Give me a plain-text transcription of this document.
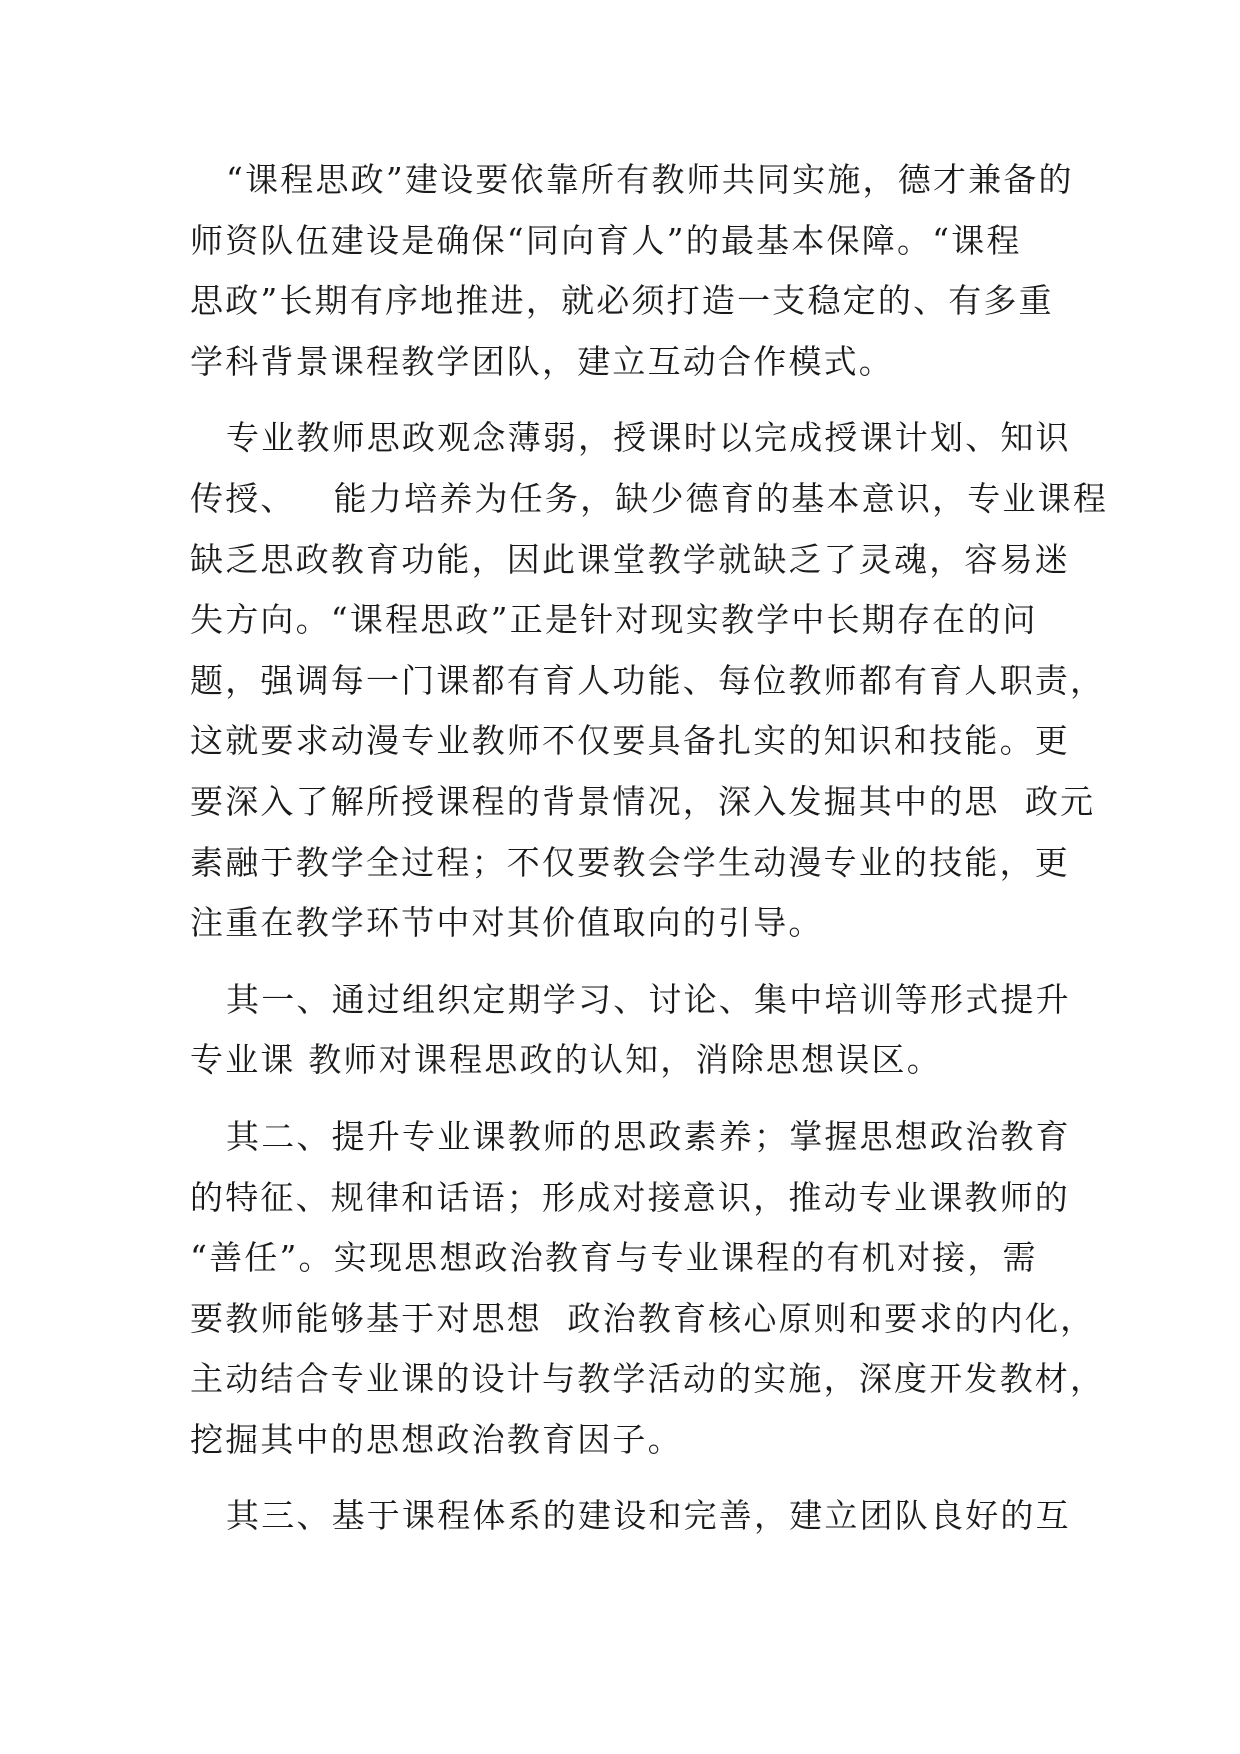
“课程思政”建设要依靠所有教师共同实施，德才兼备的
师资队伍建设是确保“同向育人”的最基本保障。“课程
思政”长期有序地推进，就必须打造一支稳定的、有多重
学科背景课程教学团队，建立互动合作模式。
专业教师思政观念薄弱，授课时以完成授课计划、知识
传授、   能力培养为任务，缺少德育的基本意识，专业课程
缺乏思政教育功能，因此课堂教学就缺乏了灵魂，容易迷
失方向。“课程思政”正是针对现实教学中长期存在的问
题，强调每一门课都有育人功能、每位教师都有育人职责，
这就要求动漫专业教师不仅要具备扎实的知识和技能。更
要深入了解所授课程的背景情况，深入发掘其中的思  政元
素融于教学全过程；不仅要教会学生动漫专业的技能，更
注重在教学环节中对其价值取向的引导。
其一、通过组织定期学习、讨论、集中培训等形式提升
专业课 教师对课程思政的认知，消除思想误区。
其二、提升专业课教师的思政素养；掌握思想政治教育
的特征、规律和话语；形成对接意识，推动专业课教师的
“善任”。实现思想政治教育与专业课程的有机对接，需
要教师能够基于对思想  政治教育核心原则和要求的内化，
主动结合专业课的设计与教学活动的实施，深度开发教材，
挖掘其中的思想政治教育因子。
其三、基于课程体系的建设和完善，建立团队良好的互
